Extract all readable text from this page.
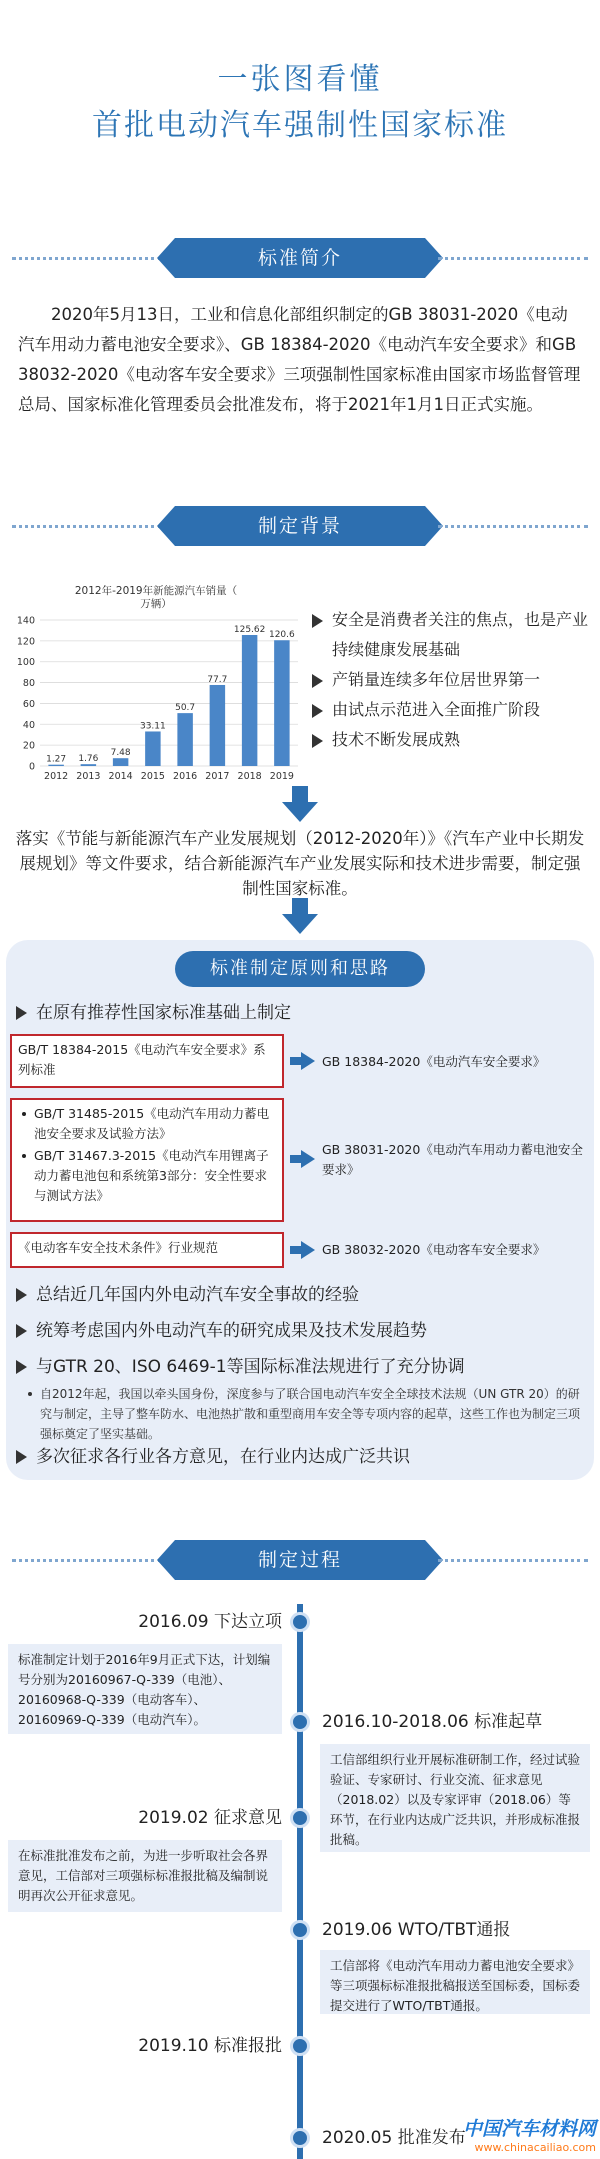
一张图看懂
首批电动汽车强制性国家标准
标准简介

2020年5月13日，工业和信息化部组织制定的GB 38031-2020《电动汽车用动力蓄电池安全要求》、GB 18384-2020《电动汽车安全要求》和GB 38032-2020《电动客车安全要求》三项强制性国家标准由国家市场监督管理总局、国家标准化管理委员会批准发布，将于2021年1月1日正式实施。

制定背景
2012年-2019年新能源汽车销量（万辆）
0
20
40
60
80
100
120
140
1.27 1.76
7.48
33.11
50.7
77.7
125.62
120.6
2012 2013 2014 2015 2016 2017 2018 2019
安全是消费者关注的焦点，也是产业持续健康发展基础
产销量连续多年位居世界第一
由试点示范进入全面推广阶段
技术不断发展成熟

落实《节能与新能源汽车产业发展规划（2012-2020年）》《汽车产业中长期发展规划》等文件要求，结合新能源汽车产业发展实际和技术进步需要，制定强制性国家标准。

标准制定原则和思路
在原有推荐性国家标准基础上制定
GB/T 18384-2015《电动汽车安全要求》系列标准
GB 18384-2020《电动汽车安全要求》
GB/T 31485-2015《电动汽车用动力蓄电池安全要求及试验方法》
GB/T 31467.3-2015《电动汽车用锂离子动力蓄电池包和系统第3部分：安全性要求与测试方法》
GB 38031-2020《电动汽车用动力蓄电池安全要求》
《电动客车安全技术条件》行业规范	GB 38032-2020《电动客车安全要求》
总结近几年国内外电动汽车安全事故的经验
统筹考虑国内外电动汽车的研究成果及技术发展趋势
与GTR 20、ISO 6469-1等国际标准法规进行了充分协调
自2012年起，我国以牵头国身份，深度参与了联合国电动汽车安全全球技术法规（UN GTR 20）的研究与制定，主导了整车防水、电池热扩散和重型商用车安全等专项内容的起草，这些工作也为制定三项强标奠定了坚实基础。
多次征求各行业各方意见，在行业内达成广泛共识
制定过程
2016.09 下达立项
标准制定计划于2016年9月正式下达，计划编号分别为20160967-Q-339（电池）、20160968-Q-339（电动客车）、20160969-Q-339（电动汽车）。	2016.10-2018.06 标准起草
工信部组织行业开展标准研制工作，经过试验验证、专家研讨、行业交流、征求意见（2018.02）以及专家评审（2018.06）等环节，在行业内达成广泛共识，并形成标准报批稿。
2019.02 征求意见
在标准批准发布之前，为进一步听取社会各界意见，工信部对三项强标标准报批稿及编制说明再次公开征求意见。
2019.06 WTO/TBT通报
工信部将《电动汽车用动力蓄电池安全要求》等三项强标标准报批稿报送至国标委，国标委提交进行了WTO/TBT通报。
2019.10 标准报批
2020.05 批准发布
中国汽车材料网
www.chinacailiao.com
